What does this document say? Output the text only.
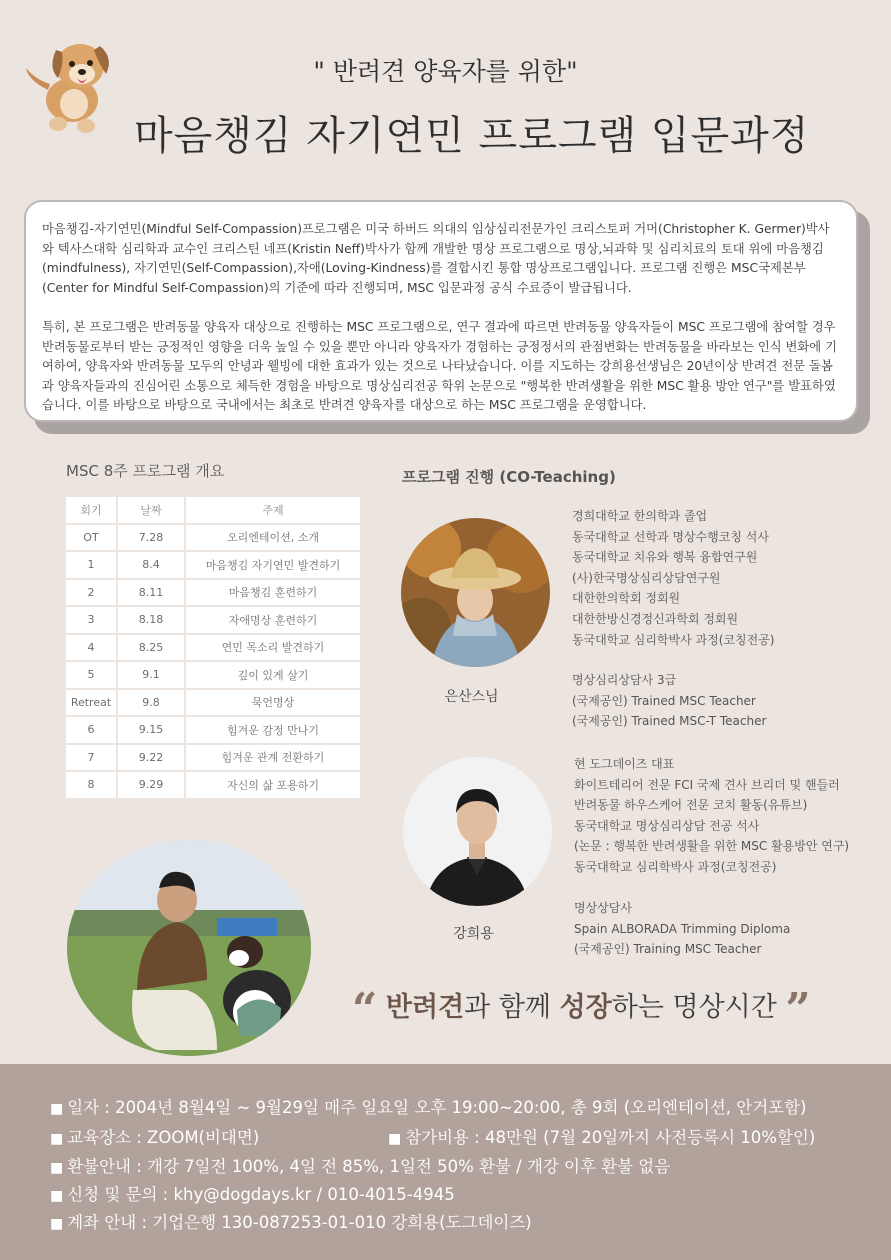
" 반려견 양육자를 위한"
마음챙김 자기연민 프로그램 입문과정

마음챙김-자기연민(Mindful Self-Compassion)프로그램은 미국 하버드 의대의 임상심리전문가인 크리스토퍼 거머(Christopher K. Germer)박사와 텍사스대학 심리학과 교수인 크리스틴 네프(Kristin Neff)박사가 함께 개발한 명상 프로그램으로 명상,뇌과학 및 심리치료의 토대 위에 마음챙김(mindfulness), 자기연민(Self-Compassion),자애(Loving-Kindness)를 결합시킨 통합 명상프로그램입니다. 프로그램 진행은 MSC국제본부(Center for Mindful Self-Compassion)의 기준에 따라 진행되며, MSC 입문과정 공식 수료증이 발급됩니다.

특히, 본 프로그램은 반려동물 양육자 대상으로 진행하는 MSC 프로그램으로, 연구 결과에 따르면 반려동물 양육자들이 MSC 프로그램에 참여할 경우 반려동물로부터 받는 긍정적인 영향을 더욱 높일 수 있을 뿐만 아니라 양육자가 경험하는 긍정정서의 관점변화는 반려동물을 바라보는 인식 변화에 기여하여, 양육자와 반려동물 모두의 안녕과 웰빙에 대한 효과가 있는 것으로 나타났습니다. 이를 지도하는 강희용선생님은 20년이상 반려견 전문 돌봄과 양육자들과의 진심어린 소통으로 체득한 경험을 바탕으로 명상심리전공 학위 논문으로 "행복한 반려생활을 위한 MSC 활용 방안 연구"를 발표하였습니다. 이를 바탕으로 바탕으로 국내에서는 최초로 반려견 양육자를 대상으로 하는 MSC 프로그램을 운영합니다.

MSC 8주 프로그램 개요
회기	날짜	주제
OT	7.28	오리엔테이션, 소개
1	8.4	마음챙김 자기연민 발견하기
2	8.11	마음챙김 훈련하기
3	8.18	자애명상 훈련하기
4	8.25	연민 목소리 발견하기
5	9.1	깊이 있게 살기
Retreat	9.8	묵언명상
6	9.15	힘겨운 감정 만나기
7	9.22	힘겨운 관계 전환하기
8	9.29	자신의 삶 포용하기
프로그램 진행 (CO-Teaching)
은산스님
경희대학교 한의학과 졸업
동국대학교 선학과 명상수행코칭 석사
동국대학교 치유와 행복 융합연구원
(사)한국명상심리상담연구원
대한한의학회 정회원
대한한방신경정신과학회 정회원
동국대학교 심리학박사 과정(코칭전공)
명상심리상담사 3급
(국제공인) Trained MSC Teacher
(국제공인) Trained MSC-T Teacher
강희용
현 도그데이즈 대표
화이트테리어 전문 FCI 국제 견사 브리더 및 핸들러
반려동물 하우스케어 전문 코치 활동(유튜브)
동국대학교 명상심리상담 전공 석사
(논문 : 행복한 반려생활을 위한 MSC 활용방안 연구)
동국대학교 심리학박사 과정(코칭전공)
명상상담사
Spain ALBORADA Trimming Diploma
(국제공인) Training MSC Teacher
“ 반려견과 함께 성장하는 명상시간 ”
■ 일자 : 2004년 8월4일 ~ 9월29일 매주 일요일 오후 19:00~20:00, 총 9회 (오리엔테이션, 안거포함)
■ 교육장소 : ZOOM(비대면)	■ 참가비용 : 48만원 (7월 20일까지 사전등록시 10%할인)
■ 환불안내 : 개강 7일전 100%, 4일 전 85%, 1일전 50% 환불 / 개강 이후 환불 없음
■ 신청 및 문의 : khy@dogdays.kr / 010-4015-4945
■ 계좌 안내 : 기업은행 130-087253-01-010 강희용(도그데이즈)
